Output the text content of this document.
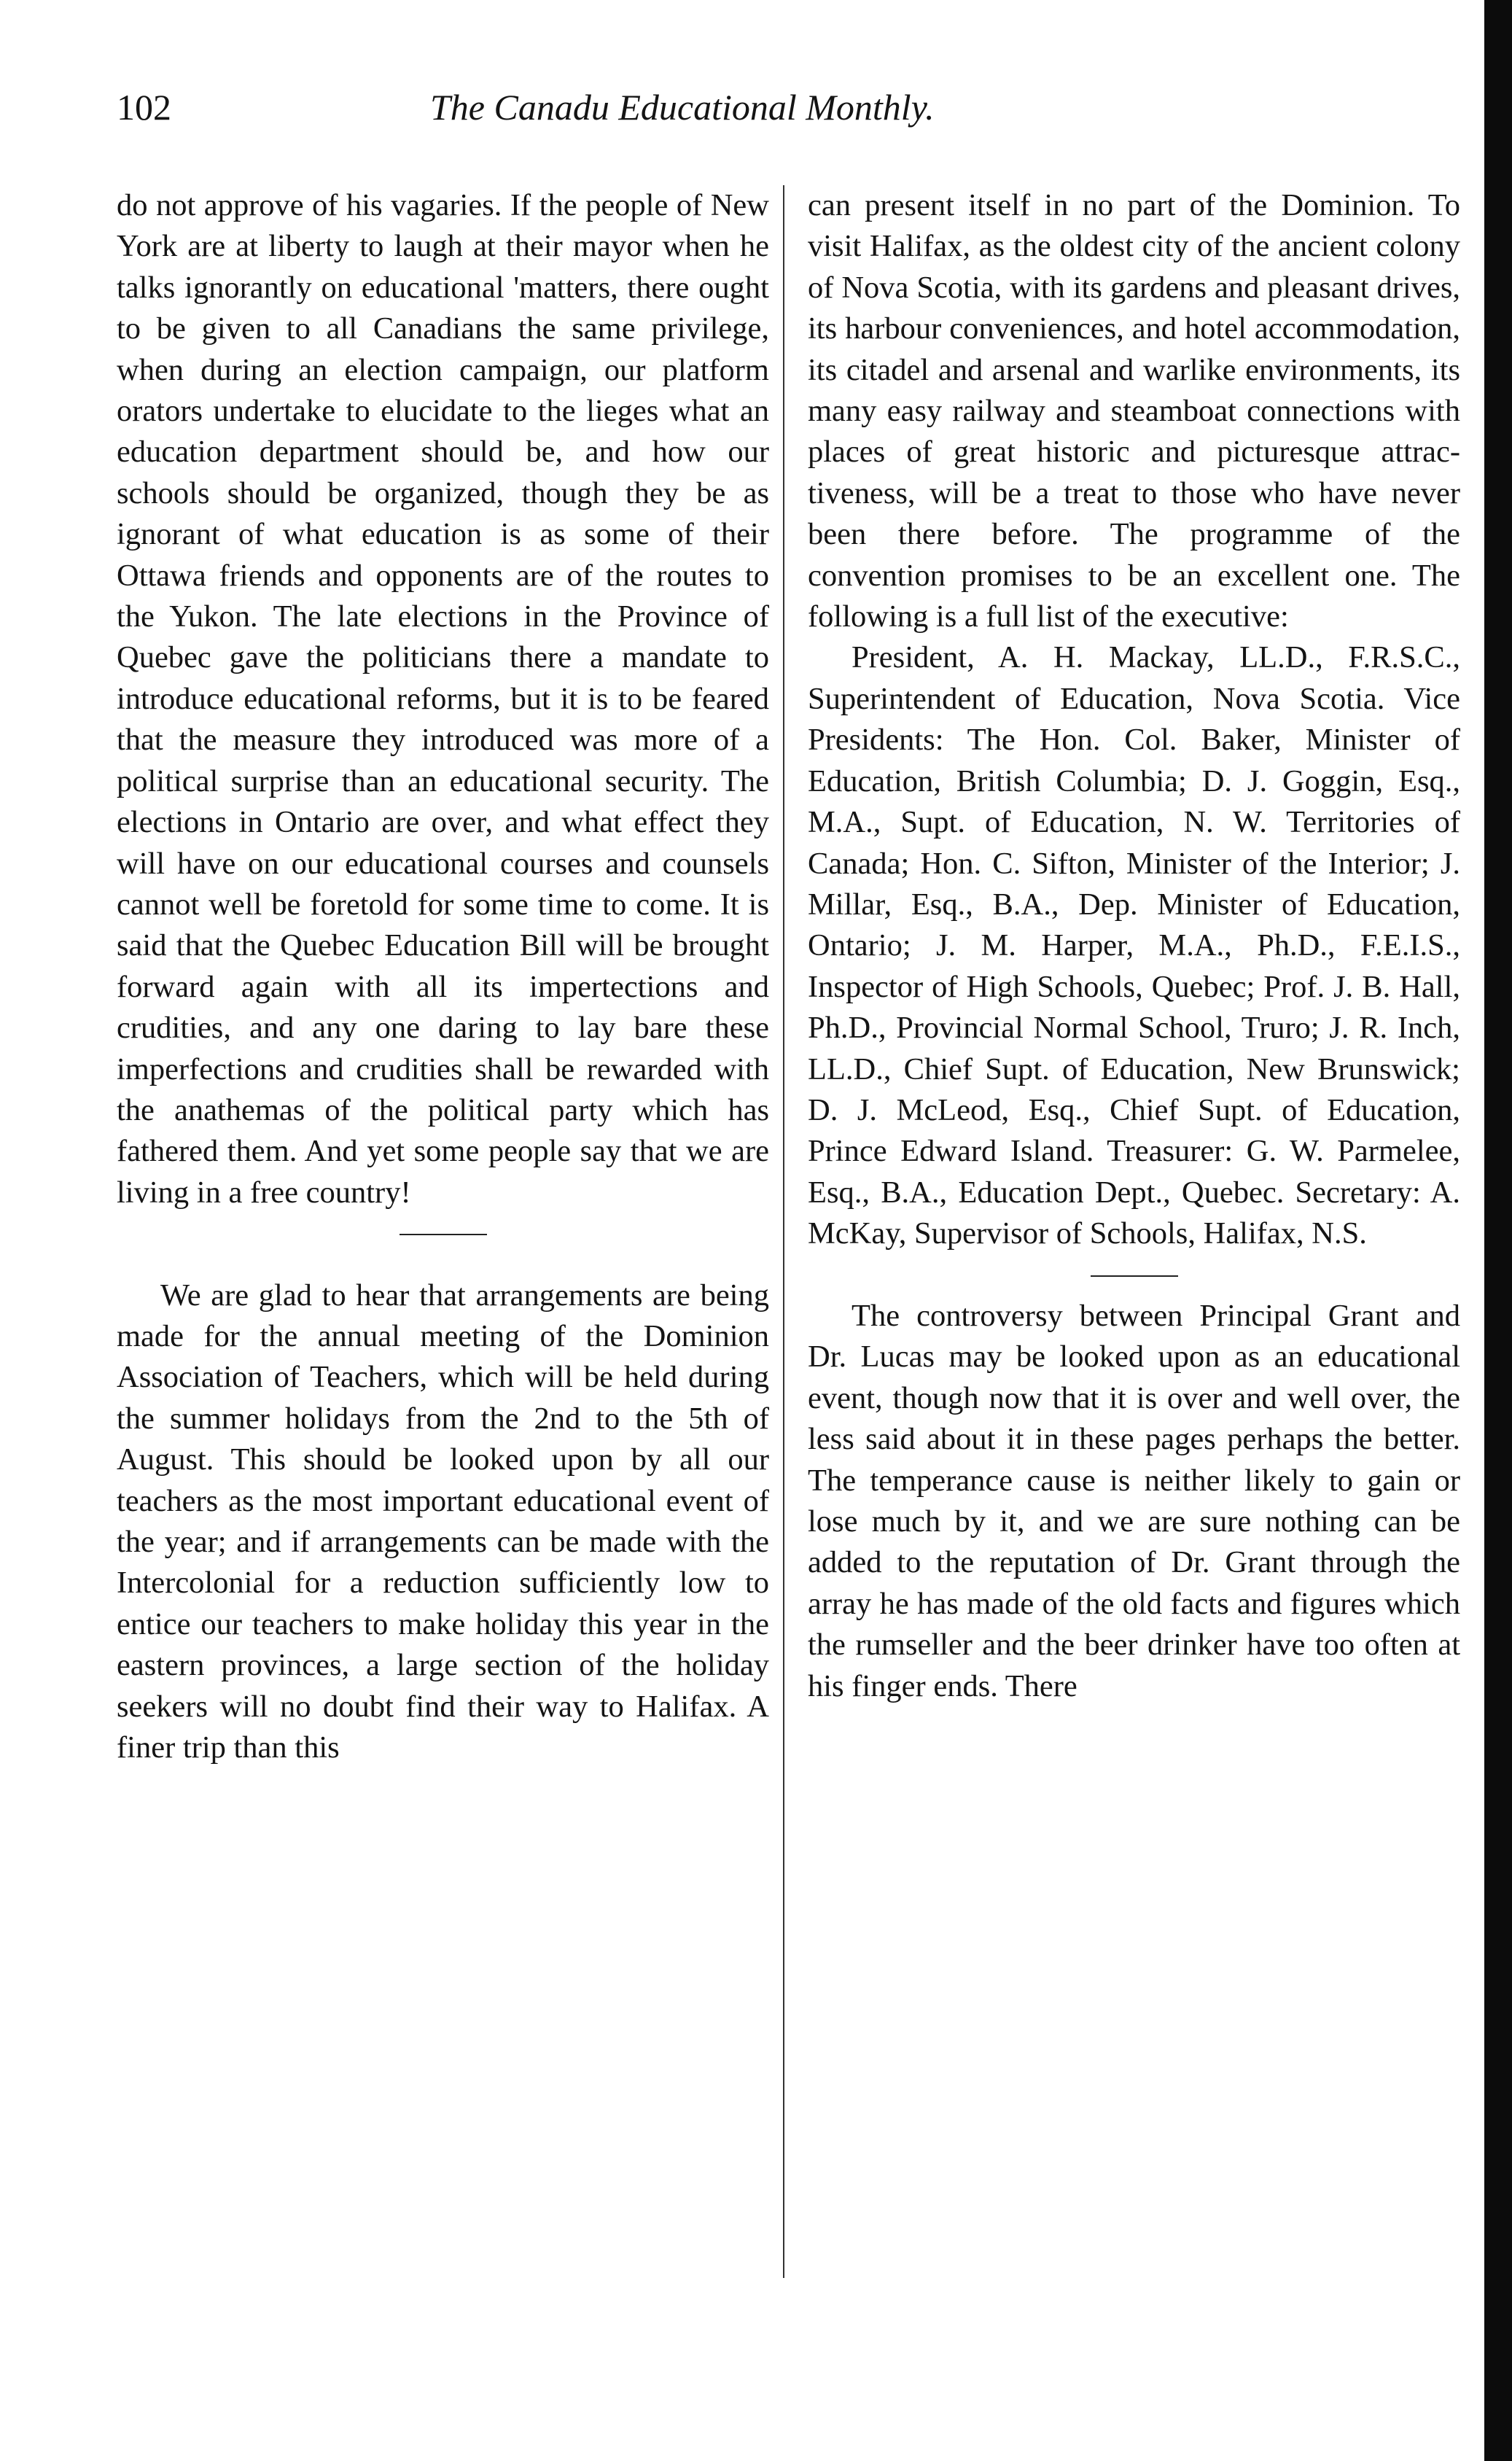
102	The Canadu Educational Monthly.

do not approve of his vagaries. If the people of New York are at liberty to laugh at their mayor when he talks ignorantly on educational 'matters, there ought to be given to all Canadians the same privilege, when during an election campaign, our platform orators undertake to elucidate to the lieges what an education department should be, and how our schools should be organized, though they be as ignorant of what education is as some of their Ottawa friends and opponents are of the routes to the Yukon. The late elections in the Province of Quebec gave the politicians there a mandate to introduce educational reforms, but it is to be feared that the measure they introduced was more of a political surprise than an educational security. The elections in Ontario are over, and what effect they will have on our educational courses and counsels cannot well be foretold for some time to come. It is said that the Quebec Education Bill will be brought forward again with all its impertections and crudities, and any one daring to lay bare these imperfections and crudities shall be rewarded with the anathemas of the political party which has fathered them. And yet some people say that we are living in a free country!

We are glad to hear that arrangements are being made for the annual meeting of the Dominion Association of Teachers, which will be held during the summer holidays from the 2nd to the 5th of August. This should be looked upon by all our teachers as the most important educational event of the year; and if arrangements can be made with the Intercolonial for a reduction sufficiently low to entice our teachers to make holiday this year in the eastern provinces, a large section of the holiday seekers will no doubt find their way to Halifax. A finer trip than this

can present itself in no part of the Dominion. To visit Halifax, as the oldest city of the ancient colony of Nova Scotia, with its gardens and pleasant drives, its harbour conveniences, and hotel accommodation, its citadel and arsenal and warlike environments, its many easy railway and steamboat connections with places of great historic and picturesque attractiveness, will be a treat to those who have never been there before. The programme of the convention promises to be an excellent one. The following is a full list of the executive:

President, A. H. Mackay, LL.D., F.R.S.C., Superintendent of Education, Nova Scotia. Vice Presidents: The Hon. Col. Baker, Minister of Education, British Columbia; D. J. Goggin, Esq., M.A., Supt. of Education, N. W. Territories of Canada; Hon. C. Sifton, Minister of the Interior; J. Millar, Esq., B.A., Dep. Minister of Education, Ontario; J. M. Harper, M.A., Ph.D., F.E.I.S., Inspector of High Schools, Quebec; Prof. J. B. Hall, Ph.D., Provincial Normal School, Truro; J. R. Inch, LL.D., Chief Supt. of Education, New Brunswick; D. J. McLeod, Esq., Chief Supt. of Education, Prince Edward Island. Treasurer: G. W. Parmelee, Esq., B.A., Education Dept., Quebec. Secretary: A. McKay, Supervisor of Schools, Halifax, N.S.

The controversy between Principal Grant and Dr. Lucas may be looked upon as an educational event, though now that it is over and well over, the less said about it in these pages perhaps the better. The temperance cause is neither likely to gain or lose much by it, and we are sure nothing can be added to the reputation of Dr. Grant through the array he has made of the old facts and figures which the rumseller and the beer drinker have too often at his finger ends. There
